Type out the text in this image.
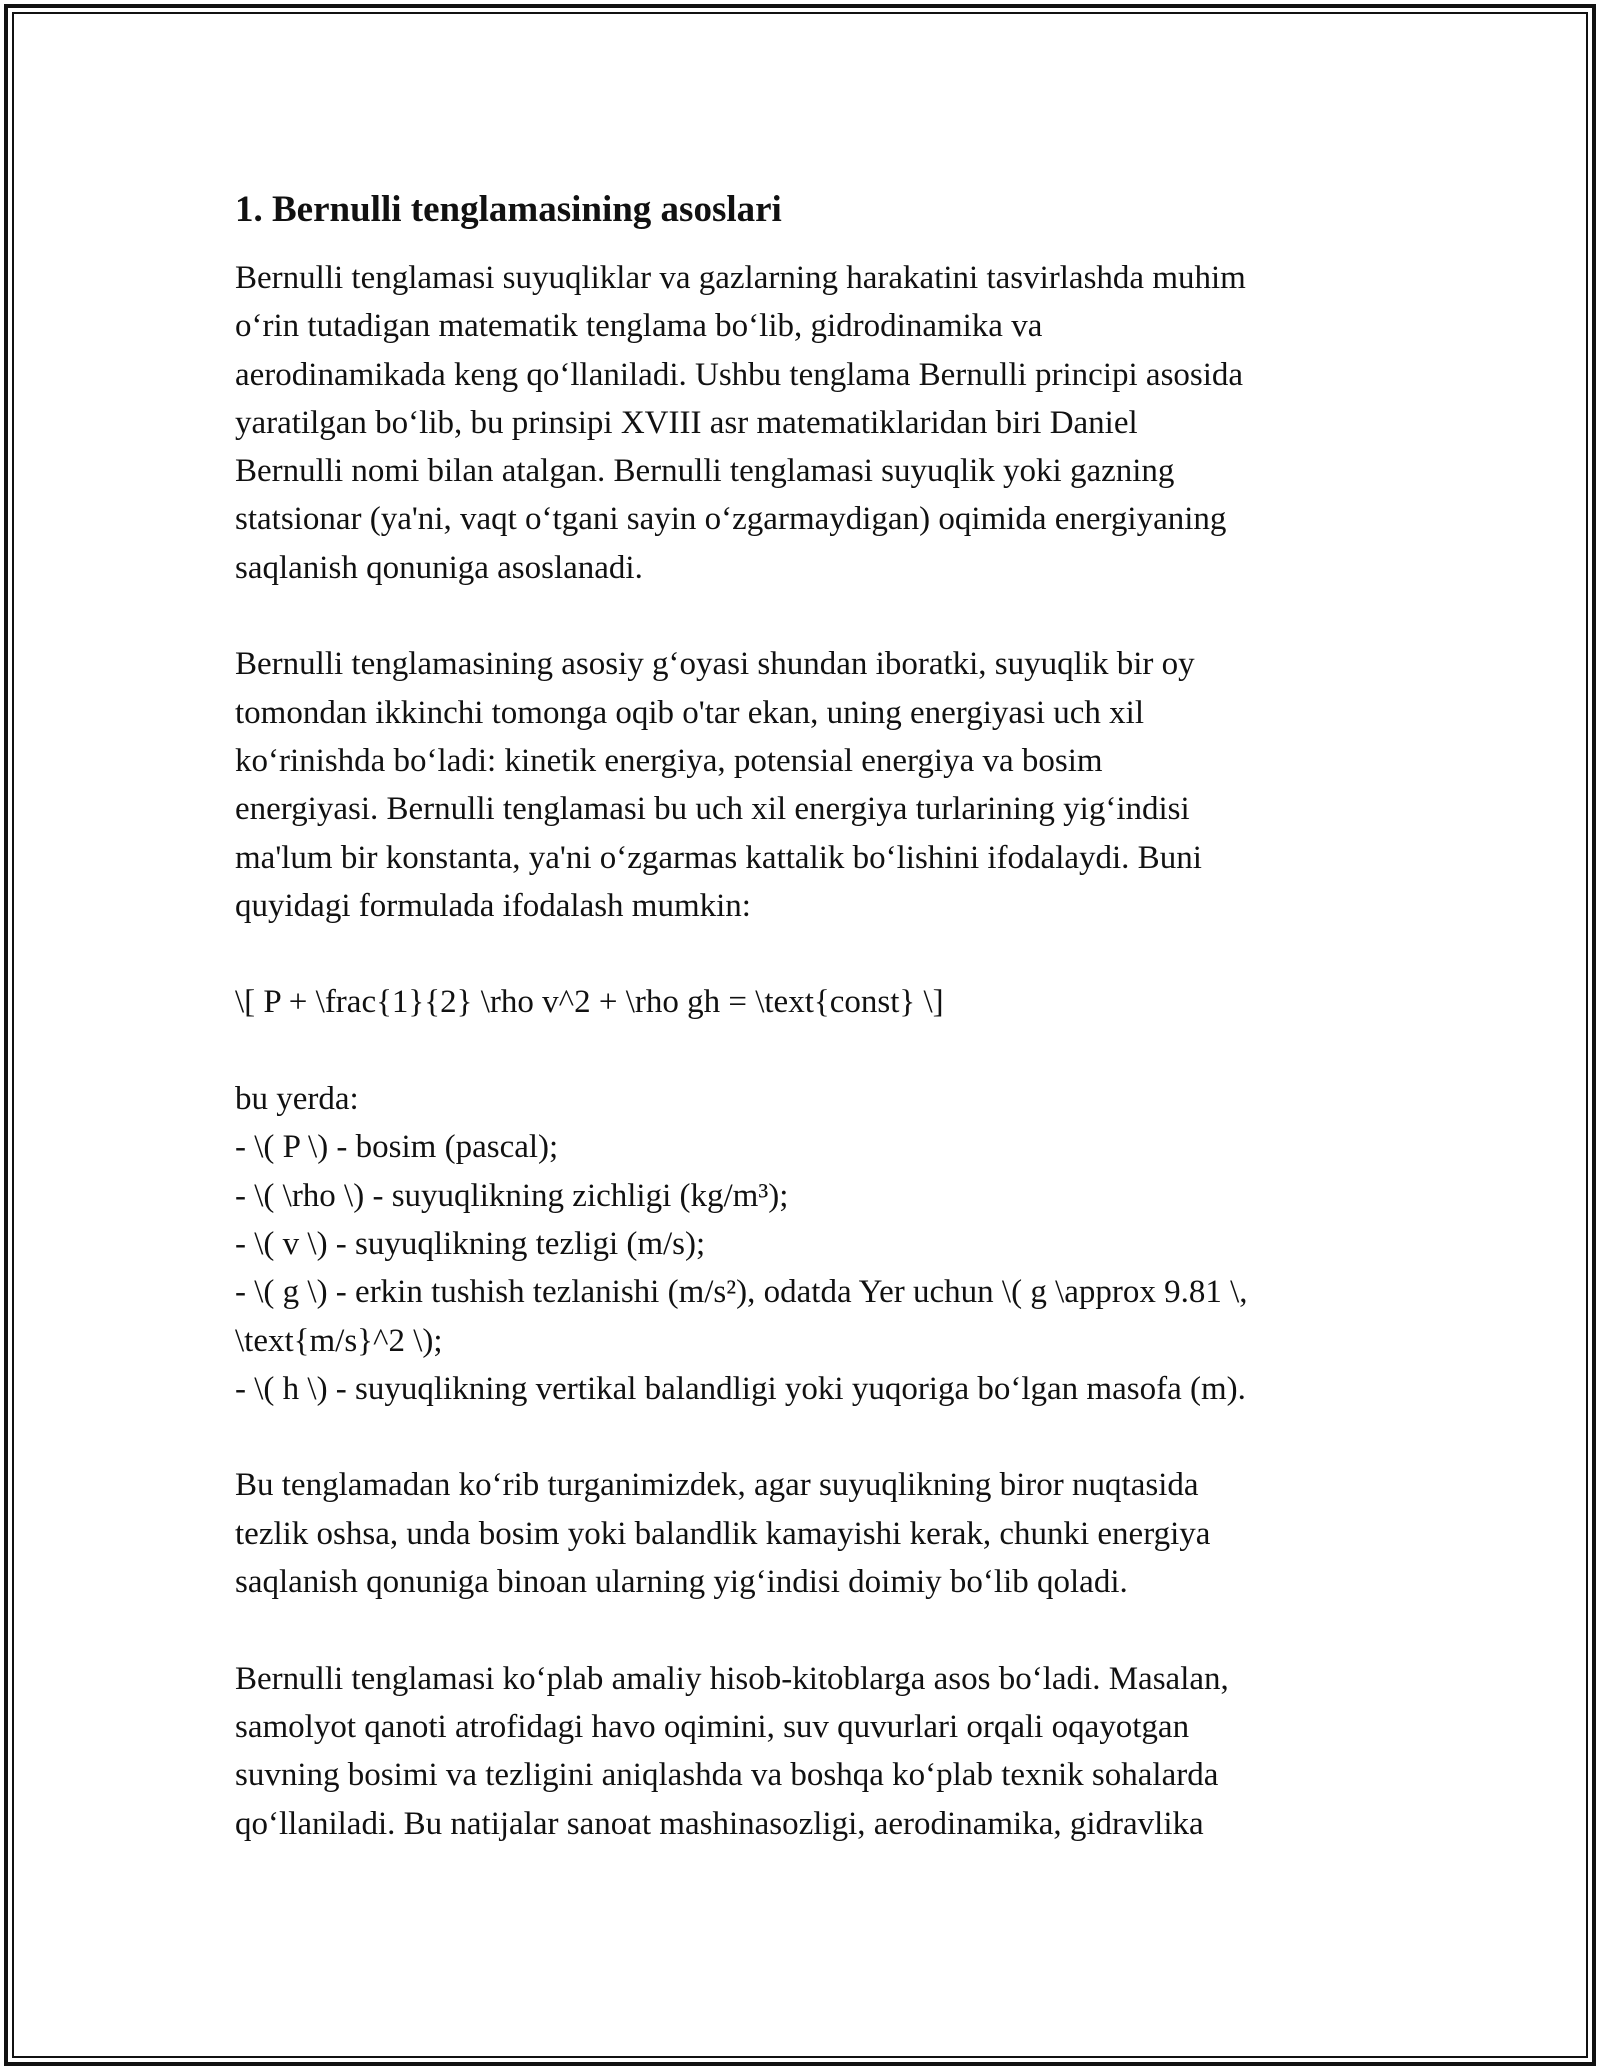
1. Bernulli tenglamasining asoslari
Bernulli tenglamasi suyuqliklar va gazlarning harakatini tasvirlashda muhim
o‘rin tutadigan matematik tenglama bo‘lib, gidrodinamika va
aerodinamikada keng qo‘llaniladi. Ushbu tenglama Bernulli principi asosida
yaratilgan bo‘lib, bu prinsipi XVIII asr matematiklaridan biri Daniel
Bernulli nomi bilan atalgan. Bernulli tenglamasi suyuqlik yoki gazning
statsionar (ya'ni, vaqt o‘tgani sayin o‘zgarmaydigan) oqimida energiyaning
saqlanish qonuniga asoslanadi.
Bernulli tenglamasining asosiy g‘oyasi shundan iboratki, suyuqlik bir oy
tomondan ikkinchi tomonga oqib o'tar ekan, uning energiyasi uch xil
ko‘rinishda bo‘ladi: kinetik energiya, potensial energiya va bosim
energiyasi. Bernulli tenglamasi bu uch xil energiya turlarining yig‘indisi
ma'lum bir konstanta, ya'ni o‘zgarmas kattalik bo‘lishini ifodalaydi. Buni
quyidagi formulada ifodalash mumkin:
\[ P + \frac{1}{2} \rho v^2 + \rho gh = \text{const} \]
bu yerda:
- \( P \) - bosim (pascal);
- \( \rho \) - suyuqlikning zichligi (kg/m³);
- \( v \) - suyuqlikning tezligi (m/s);
- \( g \) - erkin tushish tezlanishi (m/s²), odatda Yer uchun \( g \approx 9.81 \,
\text{m/s}^2 \);
- \( h \) - suyuqlikning vertikal balandligi yoki yuqoriga bo‘lgan masofa (m).
Bu tenglamadan ko‘rib turganimizdek, agar suyuqlikning biror nuqtasida
tezlik oshsa, unda bosim yoki balandlik kamayishi kerak, chunki energiya
saqlanish qonuniga binoan ularning yig‘indisi doimiy bo‘lib qoladi.
Bernulli tenglamasi ko‘plab amaliy hisob-kitoblarga asos bo‘ladi. Masalan,
samolyot qanoti atrofidagi havo oqimini, suv quvurlari orqali oqayotgan
suvning bosimi va tezligini aniqlashda va boshqa ko‘plab texnik sohalarda
qo‘llaniladi. Bu natijalar sanoat mashinasozligi, aerodinamika, gidravlika
